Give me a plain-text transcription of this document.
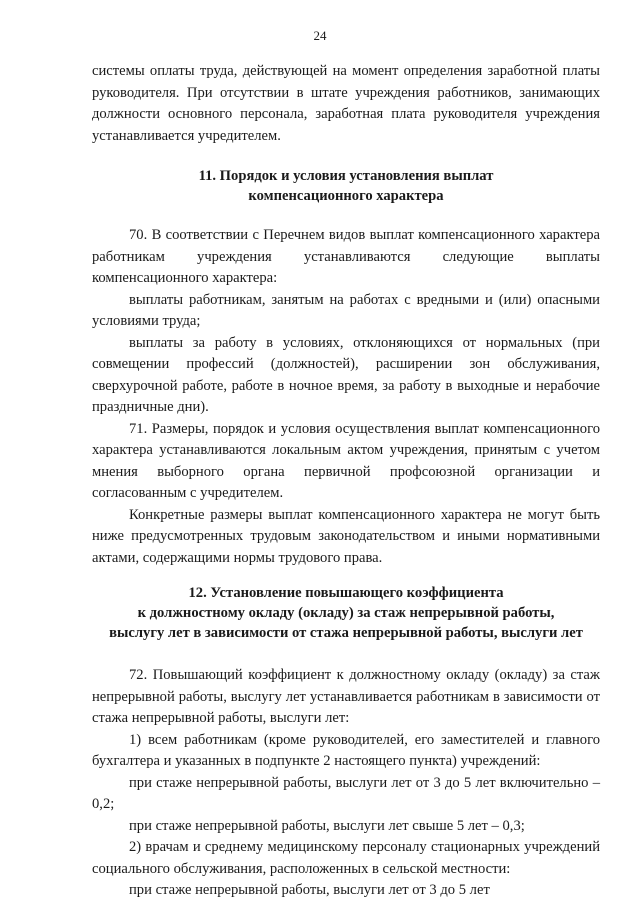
24

системы оплаты труда, действующей на момент определения заработной платы руководителя. При отсутствии в штате учреждения работников, занимающих должности основного персонала, заработная плата руководителя учреждения устанавливается учредителем.

11. Порядок и условия установления выплат
компенсационного характера

70. В соответствии с Перечнем видов выплат компенсационного характера работникам учреждения устанавливаются следующие выплаты компенсационного характера:

выплаты работникам, занятым на работах с вредными и (или) опасными условиями труда;

выплаты за работу в условиях, отклоняющихся от нормальных (при совмещении профессий (должностей), расширении зон обслуживания, сверхурочной работе, работе в ночное время, за работу в выходные и нерабочие праздничные дни).

71. Размеры, порядок и условия осуществления выплат компенсационного характера устанавливаются локальным актом учреждения, принятым с учетом мнения выборного органа первичной профсоюзной организации и согласованным с учредителем.

Конкретные размеры выплат компенсационного характера не могут быть ниже предусмотренных трудовым законодательством и иными нормативными актами, содержащими нормы трудового права.

12. Установление повышающего коэффициента
к должностному окладу (окладу) за стаж непрерывной работы,
выслугу лет в зависимости от стажа непрерывной работы, выслуги лет

72. Повышающий коэффициент к должностному окладу (окладу) за стаж непрерывной работы, выслугу лет устанавливается работникам в зависимости от стажа непрерывной работы, выслуги лет:

1) всем работникам (кроме руководителей, его заместителей и главного бухгалтера и указанных в подпункте 2 настоящего пункта) учреждений:

при стаже непрерывной работы, выслуги лет от 3 до 5 лет включительно – 0,2;

при стаже непрерывной работы, выслуги лет свыше 5 лет – 0,3;

2) врачам и среднему медицинскому персоналу стационарных учреждений социального обслуживания, расположенных в сельской местности:

при стаже непрерывной работы, выслуги лет от 3 до 5 лет
